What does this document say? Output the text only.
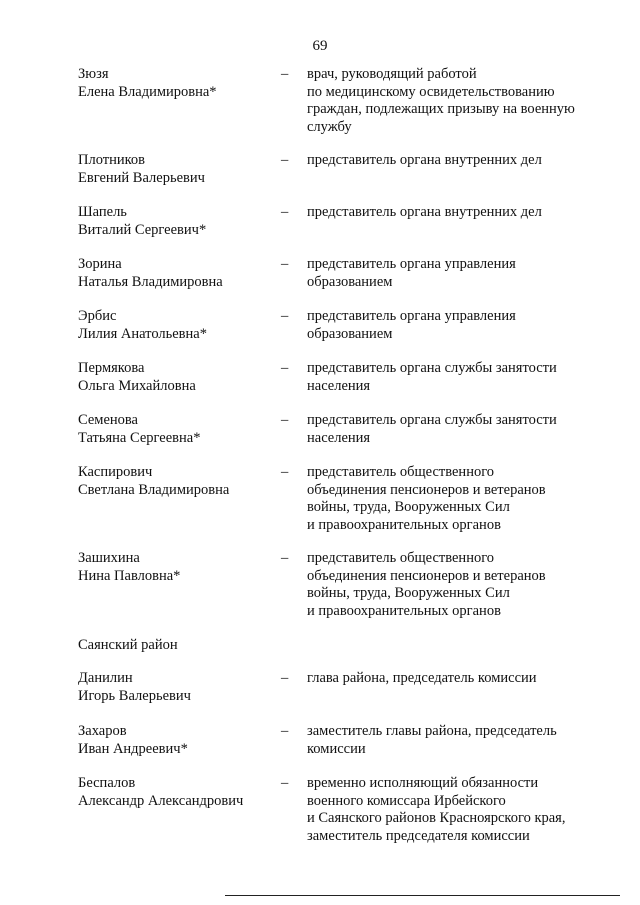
69
Зюзя
Елена Владимировна*
– врач, руководящий работой
по медицинскому освидетельствованию
граждан, подлежащих призыву на военную
службу
Плотников
Евгений Валерьевич
– представитель органа внутренних дел
Шапель
Виталий Сергеевич*
– представитель органа внутренних дел
Зорина
Наталья Владимировна
– представитель органа управления
образованием
Эрбис
Лилия Анатольевна*
– представитель органа управления
образованием
Пермякова
Ольга Михайловна
– представитель органа службы занятости
населения
Семенова
Татьяна Сергеевна*
– представитель органа службы занятости
населения
Каспирович
Светлана Владимировна
– представитель общественного
объединения пенсионеров и ветеранов
войны, труда, Вооруженных Сил
и правоохранительных органов
Зашихина
Нина Павловна*
– представитель общественного
объединения пенсионеров и ветеранов
войны, труда, Вооруженных Сил
и правоохранительных органов
Саянский район
Данилин
Игорь Валерьевич
– глава района, председатель комиссии
Захаров
Иван Андреевич*
– заместитель главы района, председатель
комиссии
Беспалов
Александр Александрович
– временно исполняющий обязанности
военного комиссара Ирбейского
и Саянского районов Красноярского края,
заместитель председателя комиссии
